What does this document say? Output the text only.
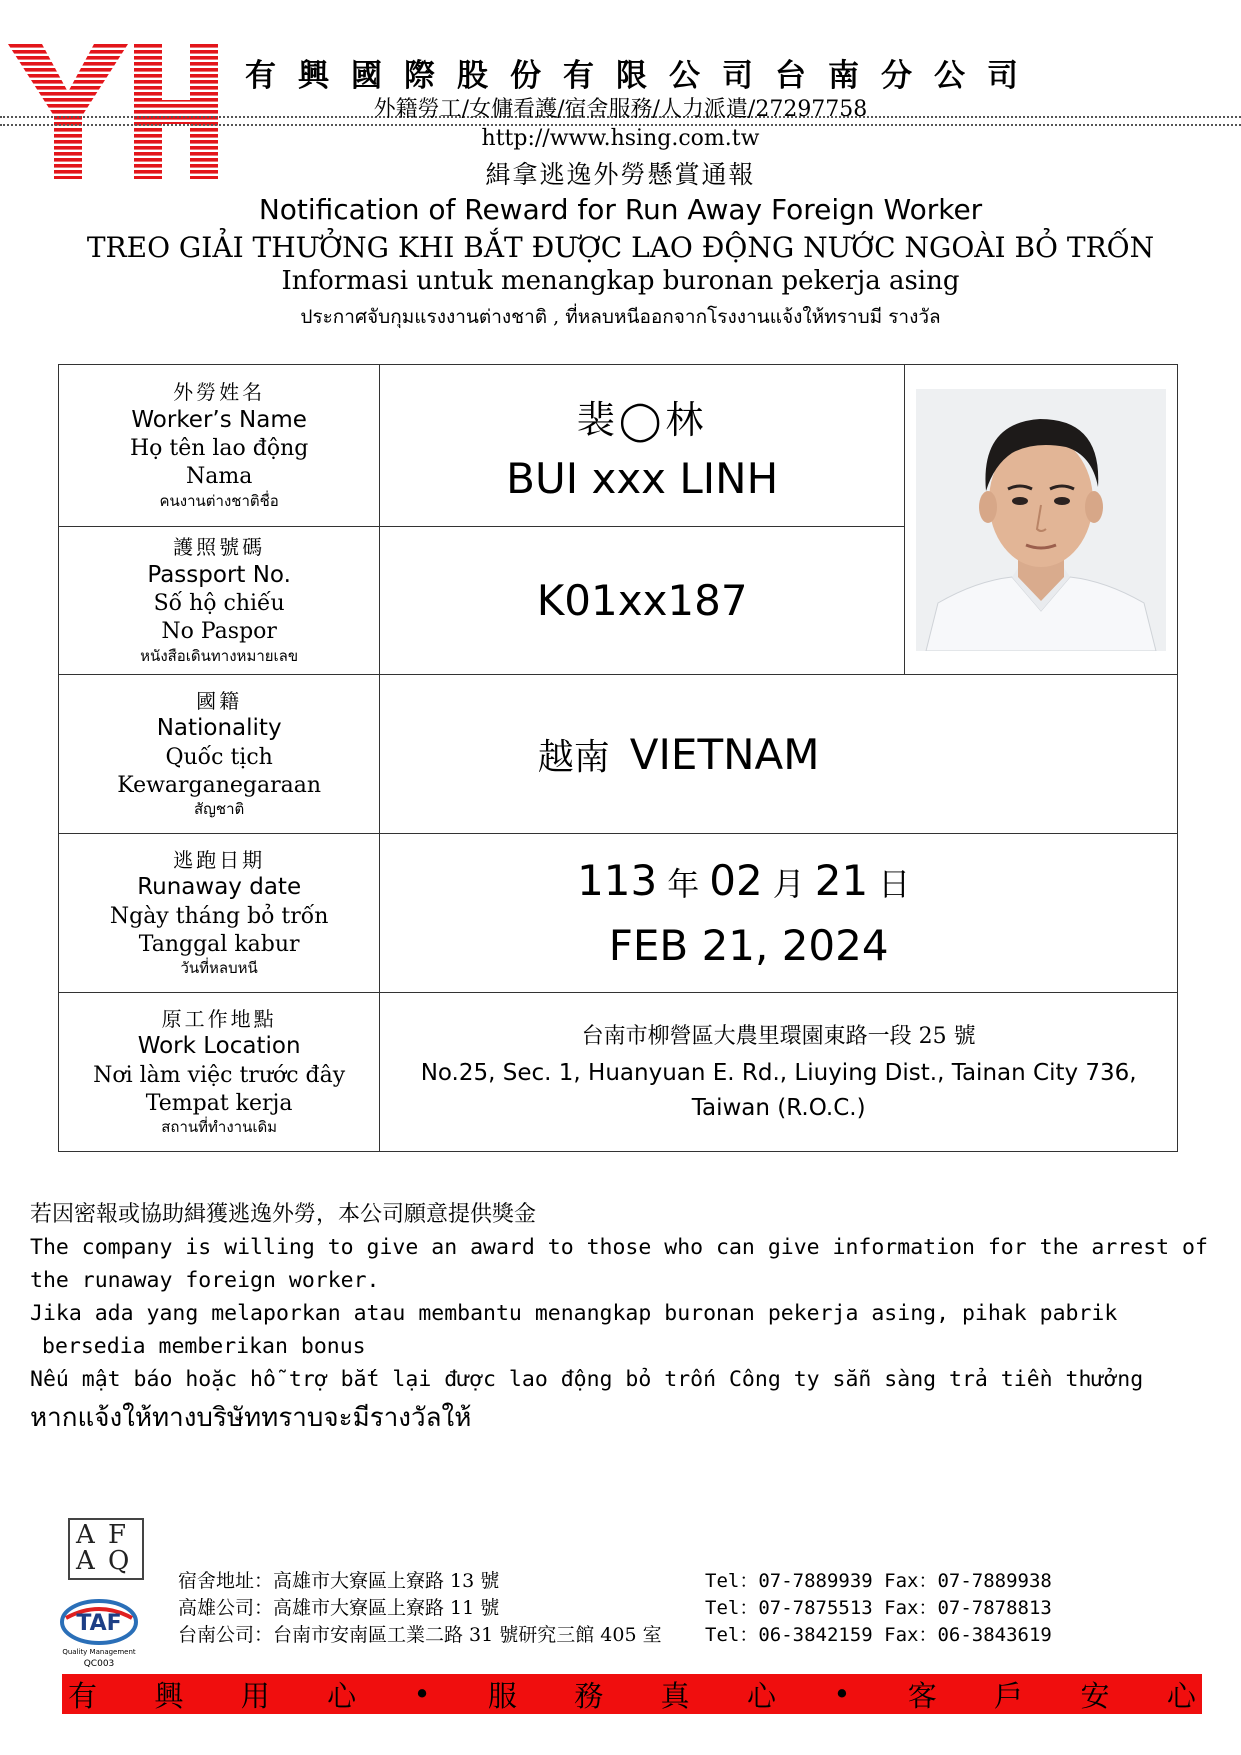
有興國際股份有限公司台南分公司
外籍勞工/女傭看護/宿舍服務/人力派遣/27297758
http://www.hsing.com.tw
緝拿逃逸外勞懸賞通報
Notification of Reward for Run Away Foreign Worker
TREO GIẢI THƯỞNG KHI BẮT ĐƯỢC LAO ĐỘNG NƯỚC NGOÀI BỎ TRỐN
Informasi untuk menangkap buronan pekerja asing
ประกาศจับกุมแรงงานต่างชาติ , ที่หลบหนีออกจากโรงงานแจ้งให้ทราบมี รางวัล
外勞姓名
Worker’s Name
Họ tên lao động
Nama
คนงานต่างชาติชื่อ	裴◯林
BUI xxx LINH

護照號碼
Passport No.
Số hộ chiếu
No Paspor
หนังสือเดินทางหมายเลข	K01xx187	

國籍
Nationality
Quốc tịch
Kewarganegaraan
สัญชาติ	越南 VIETNAM	

逃跑日期
Runaway date
Ngày tháng bỏ trốn
Tanggal kabur
วันที่หลบหนี	113 年 02 月 21 日
FEB 21, 2024	

原工作地點
Work Location
Nơi làm việc trước đây
Tempat kerja
สถานที่ทำงานเดิม	台南市柳營區大農里環園東路一段 25 號
No.25, Sec. 1, Huanyuan E. Rd., Liuying Dist., Tainan City 736, Taiwan (R.O.C.)	

若因密報或協助緝獲逃逸外勞，本公司願意提供獎金

The company is willing to give an award to those who can give information for the arrest of the runaway foreign worker.

Jika ada yang melaporkan atau membantu menangkap buronan pekerja asing, pihak pabrik

bersedia memberikan bonus

Nếu mật báo hoặc hỗ trợ bắt lại được lao động bỏ trốn Công ty sẵn sàng trả tiền thưởng

หากแจ้งให้ทางบริษัททราบจะมีรางวัลให้

A F
A Q
TAF
Quality Management
QC003
宿舍地址：高雄市大寮區上寮路 13 號	Tel：07-7889939 Fax：07-7889938
高雄公司：高雄市大寮區上寮路 11 號	Tel：07-7875513 Fax：07-7878813
台南公司：台南市安南區工業二路 31 號研究三館 405 室 Tel：06-3842159 Fax：06-3843619
有 興 用 心 • 服 務 真 心 • 客 戶 安 心
